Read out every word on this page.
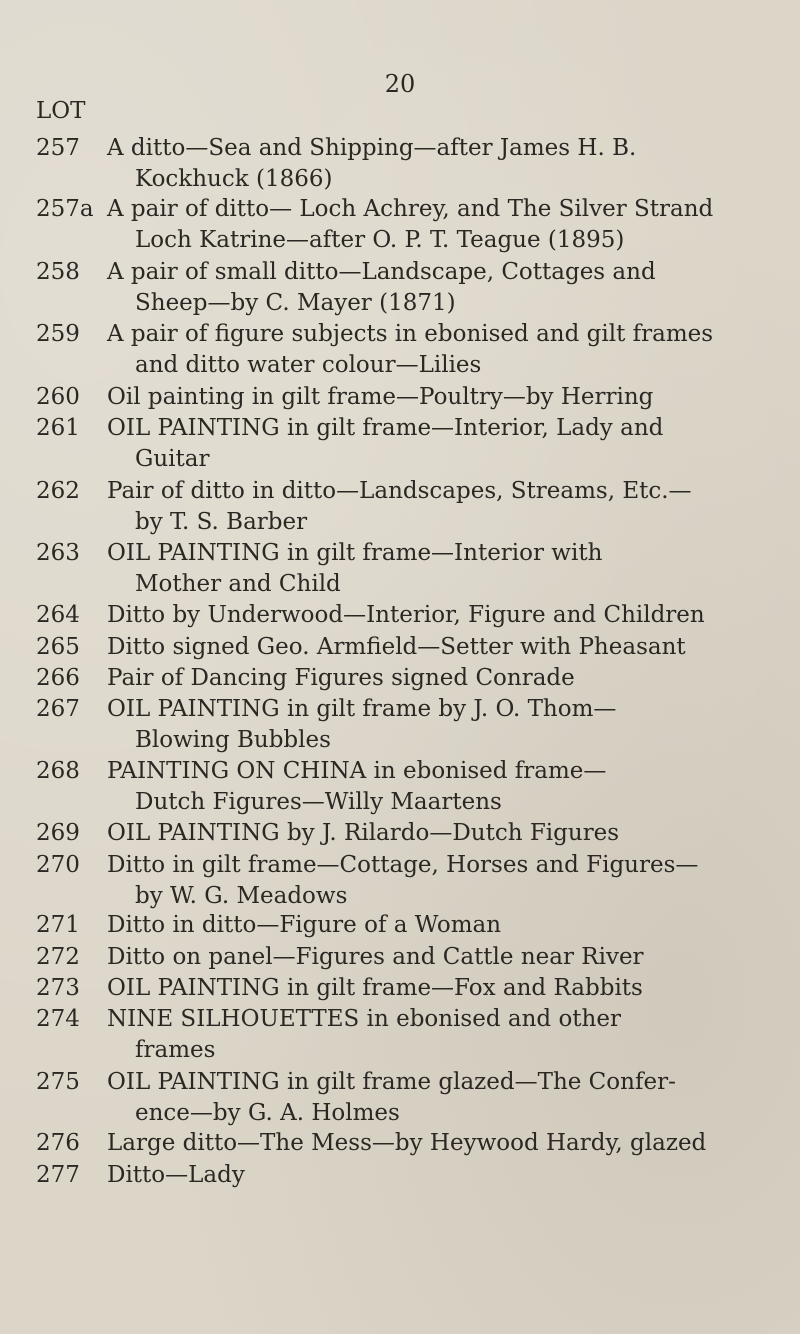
20
LOT
257	A ditto—Sea and Shipping—after James H. B.
Kockhuck (1866)
257a A pair of ditto— Loch Achrey, and The Silver Strand
Loch Katrine—after O. P. T. Teague (1895)
258	A pair of small ditto—Landscape, Cottages and
Sheep—by C. Mayer (1871)
259	A pair of figure subjects in ebonised and gilt frames
and ditto water colour—Lilies
260	Oil painting in gilt frame—Poultry—by Herring
261	OIL PAINTING in gilt frame—Interior, Lady and
Guitar
262	Pair of ditto in ditto—Landscapes, Streams, Etc.—
by T. S. Barber
263	OIL PAINTING in gilt frame—Interior with
Mother and Child
264	Ditto by Underwood—Interior, Figure and Children
265	Ditto signed Geo. Armfield—Setter with Pheasant
266	Pair of Dancing Figures signed Conrade
267	OIL PAINTING in gilt frame by J. O. Thom—
Blowing Bubbles
268	PAINTING ON CHINA in ebonised frame—
Dutch Figures—Willy Maartens
269	OIL PAINTING by J. Rilardo—Dutch Figures
270	Ditto in gilt frame—Cottage, Horses and Figures—
by W. G. Meadows
271	Ditto in ditto—Figure of a Woman
272	Ditto on panel—Figures and Cattle near River
273	OIL PAINTING in gilt frame—Fox and Rabbits
274	NINE SILHOUETTES in ebonised and other
frames
275	OIL PAINTING in gilt frame glazed—The Confer-
ence—by G. A. Holmes
276	Large ditto—The Mess—by Heywood Hardy, glazed
277	Ditto—Lady
